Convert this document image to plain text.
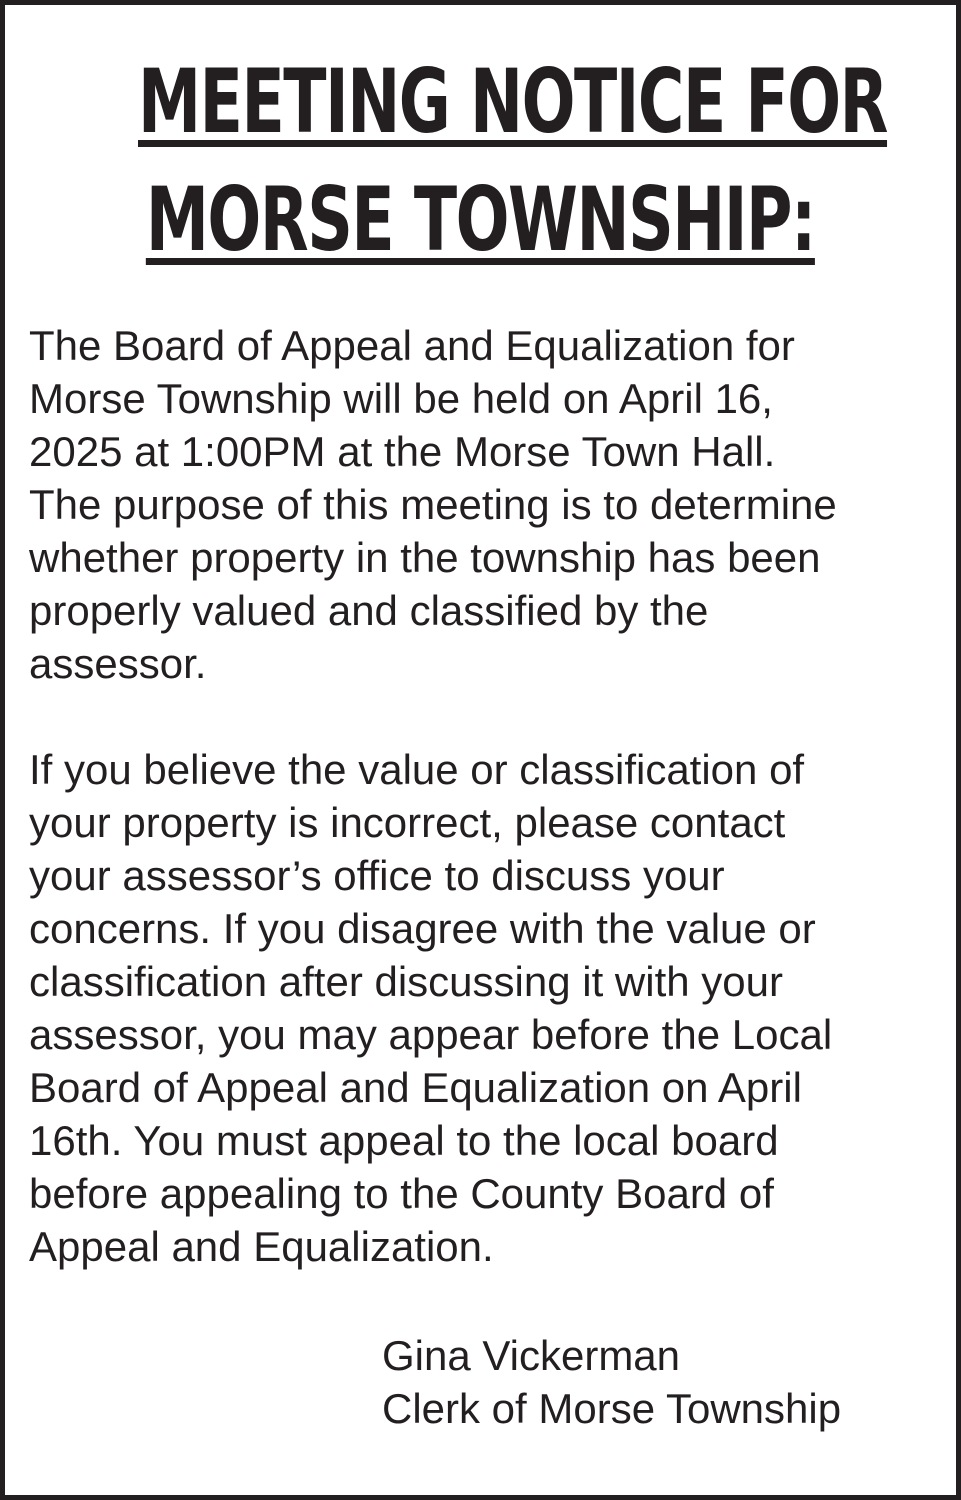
MEETING NOTICE FOR
MORSE TOWNSHIP:

The Board of Appeal and Equalization for
Morse Township will be held on April 16,
2025 at 1:00PM at the Morse Town Hall.
The purpose of this meeting is to determine
whether property in the township has been
properly valued and classified by the
assessor.

If you believe the value or classification of
your property is incorrect, please contact
your assessor’s office to discuss your
concerns. If you disagree with the value or
classification after discussing it with your
assessor, you may appear before the Local
Board of Appeal and Equalization on April
16th. You must appeal to the local board
before appealing to the County Board of
Appeal and Equalization.

Gina Vickerman
Clerk of Morse Township
